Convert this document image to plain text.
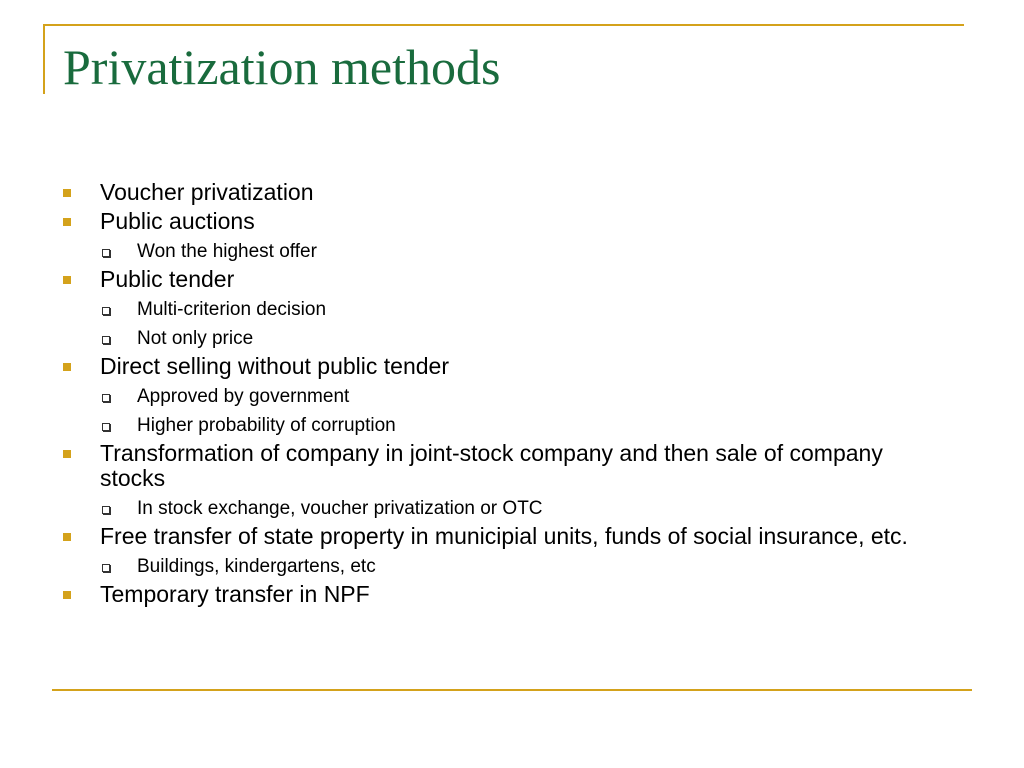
Privatization methods
Voucher privatization
Public auctions
Won the highest offer
Public tender
Multi-criterion decision
Not only price
Direct selling without public tender
Approved by government
Higher probability of corruption
Transformation of company in joint-stock company and then sale of company stocks
In stock exchange, voucher privatization or OTC
Free transfer of state property in municipial units, funds of social insurance, etc.
Buildings, kindergartens, etc
Temporary transfer in NPF
